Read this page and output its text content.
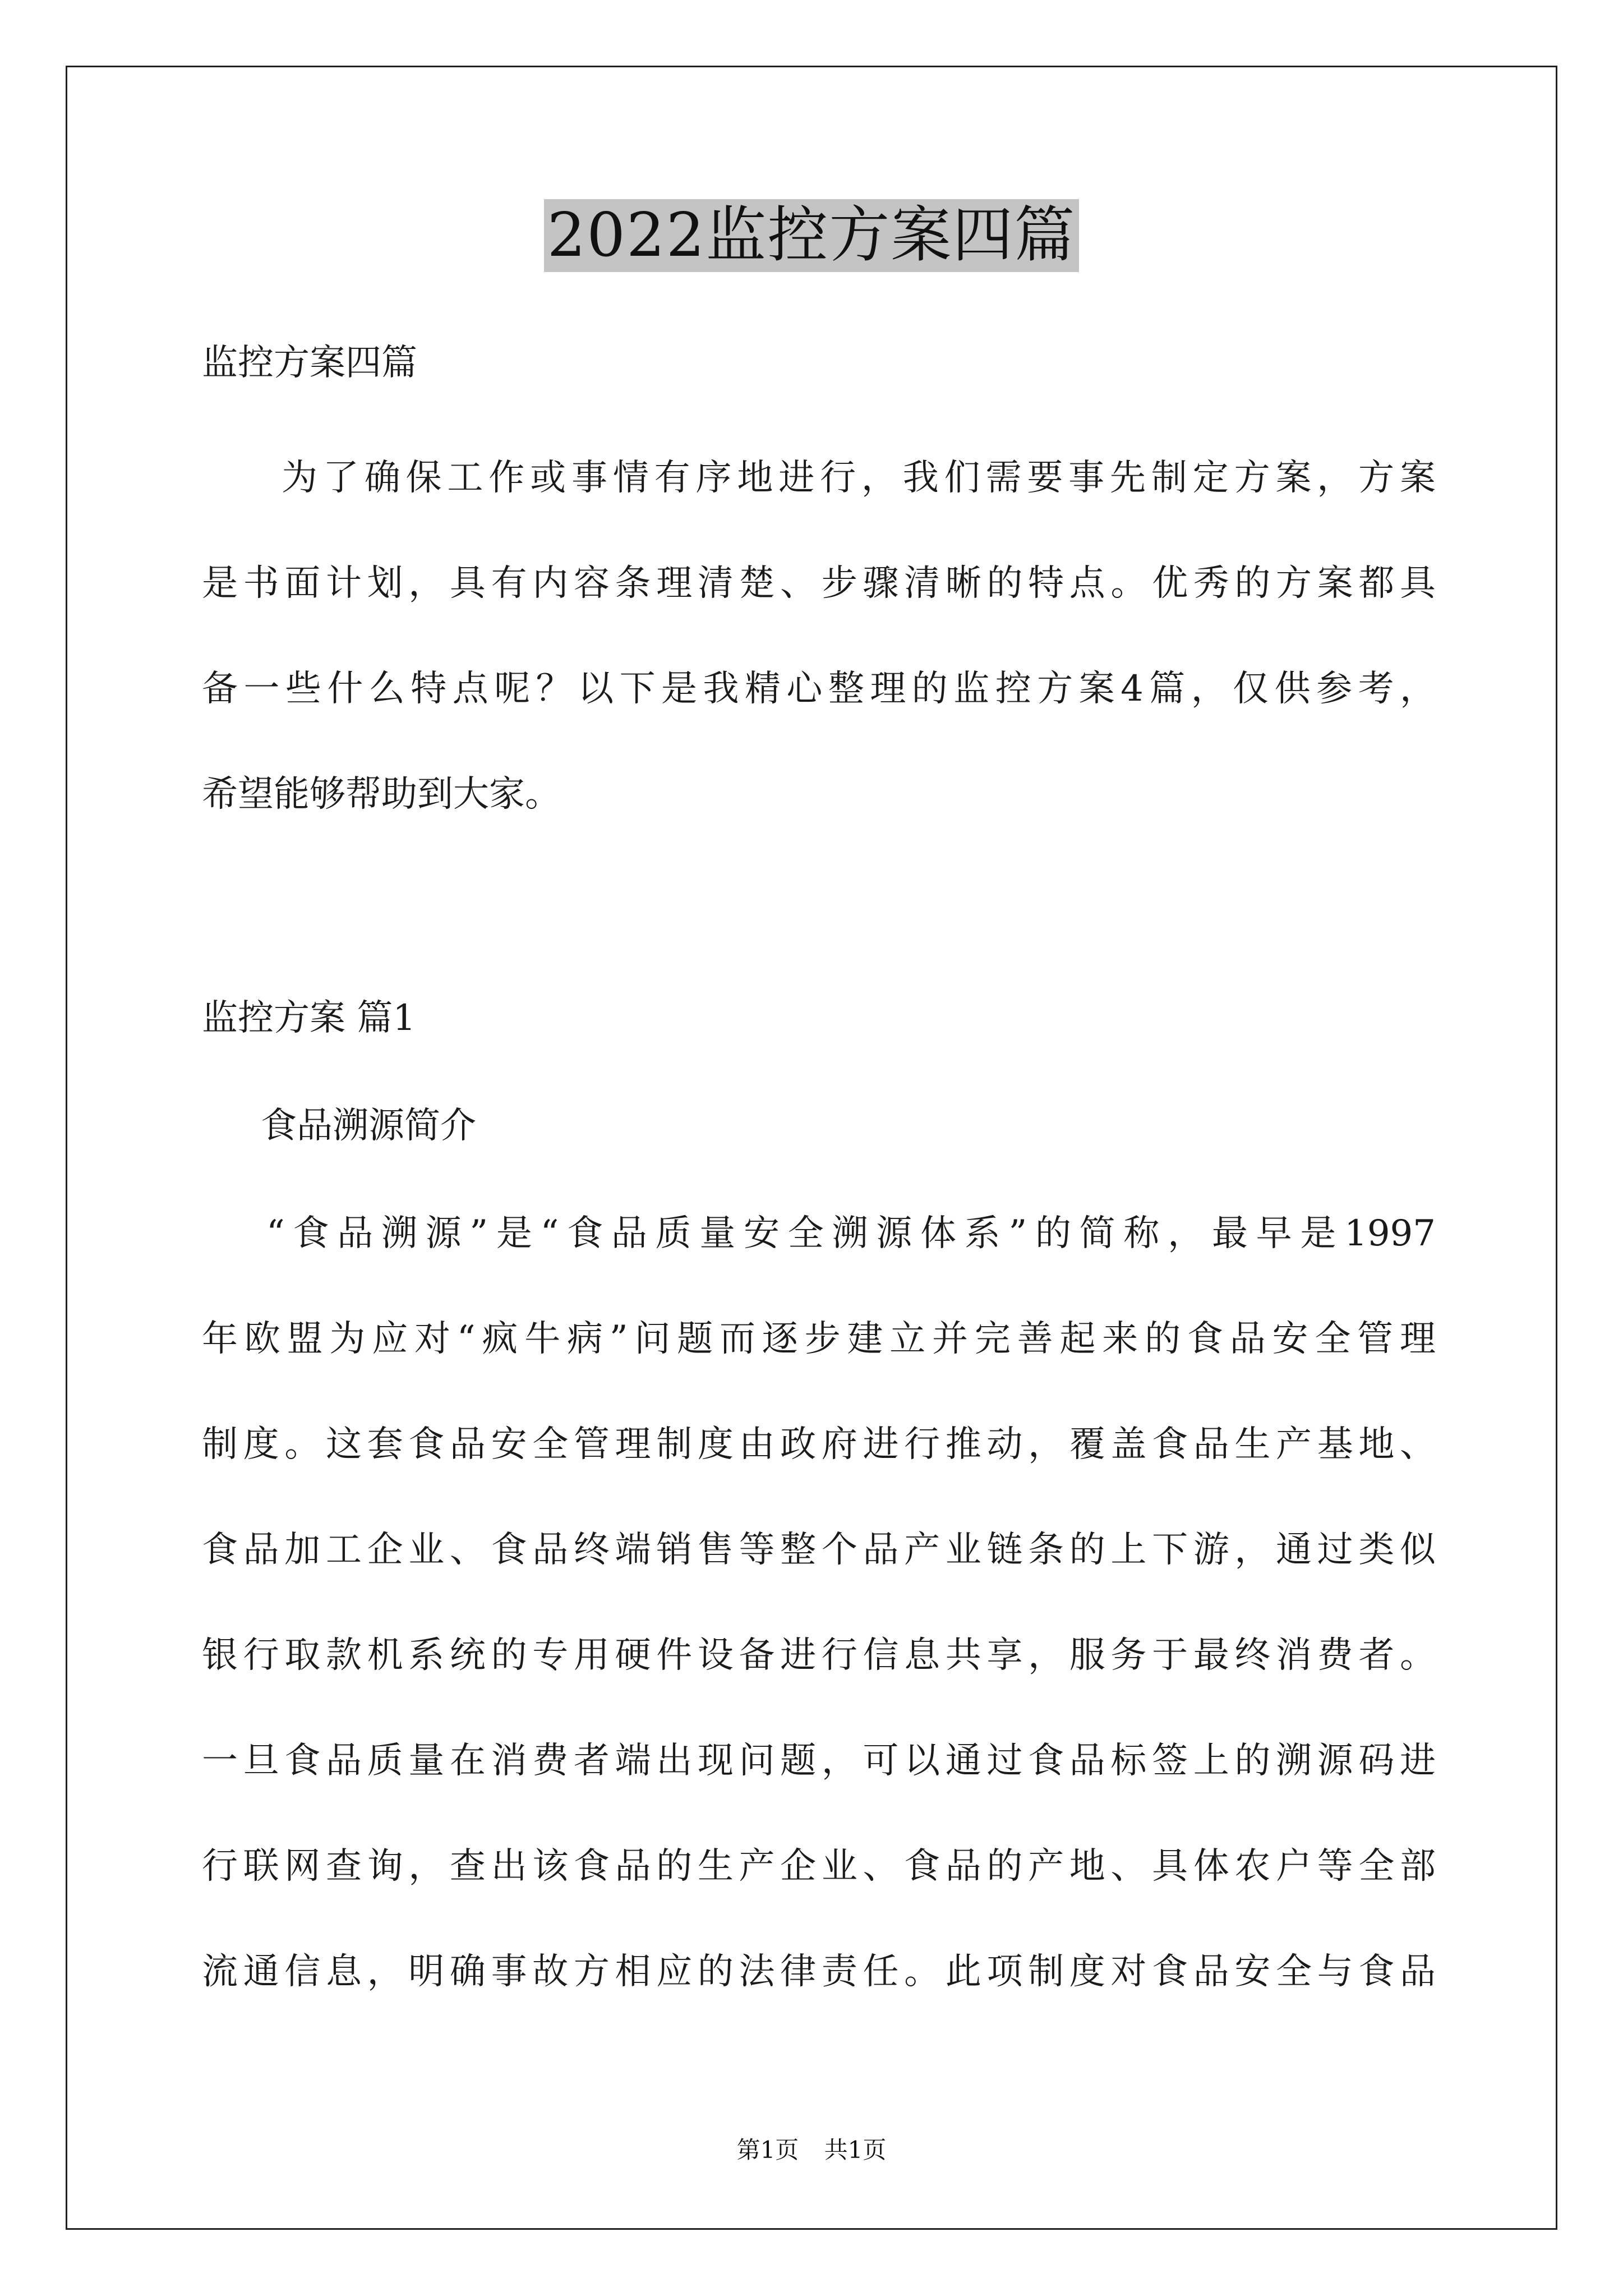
2022监控方案四篇
监控方案四篇
为了确保工作或事情有序地进行，我们需要事先制定方案，方案
是书面计划，具有内容条理清楚、步骤清晰的特点。优秀的方案都具
备一些什么特点呢？以下是我精心整理的监控方案4篇，仅供参考，
希望能够帮助到大家。
监控方案 篇1
食品溯源简介
“食品溯源”是“食品质量安全溯源体系”的简称，最早是1997
年欧盟为应对“疯牛病”问题而逐步建立并完善起来的食品安全管理
制度。这套食品安全管理制度由政府进行推动，覆盖食品生产基地、
食品加工企业、食品终端销售等整个品产业链条的上下游，通过类似
银行取款机系统的专用硬件设备进行信息共享，服务于最终消费者。
一旦食品质量在消费者端出现问题，可以通过食品标签上的溯源码进
行联网查询，查出该食品的生产企业、食品的产地、具体农户等全部
流通信息，明确事故方相应的法律责任。此项制度对食品安全与食品
第1页 共1页
